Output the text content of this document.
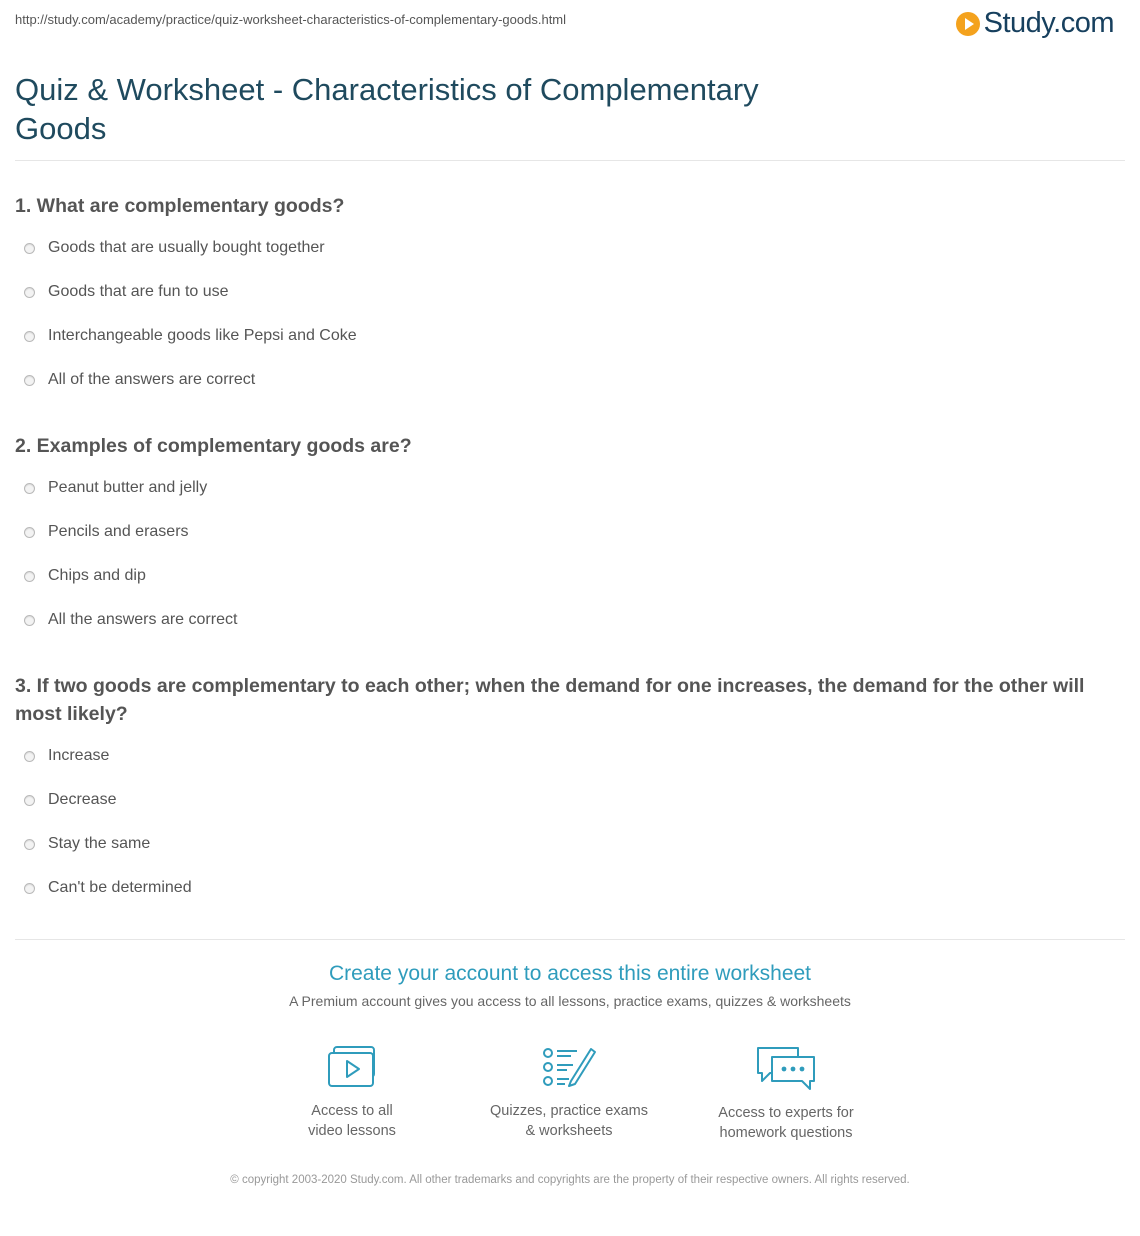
http://study.com/academy/practice/quiz-worksheet-characteristics-of-complementary-goods.html	Study.com
Quiz & Worksheet - Characteristics of Complementary Goods
1. What are complementary goods?
Goods that are usually bought together
Goods that are fun to use
Interchangeable goods like Pepsi and Coke
All of the answers are correct
2. Examples of complementary goods are?
Peanut butter and jelly
Pencils and erasers
Chips and dip
All the answers are correct
3. If two goods are complementary to each other; when the demand for one increases, the demand for the other will most likely?
Increase
Decrease
Stay the same
Can't be determined
Create your account to access this entire worksheet
A Premium account gives you access to all lessons, practice exams, quizzes & worksheets
Access to all
video lessons
Quizzes, practice exams
& worksheets
Access to experts for
homework questions
© copyright 2003-2020 Study.com. All other trademarks and copyrights are the property of their respective owners. All rights reserved.
